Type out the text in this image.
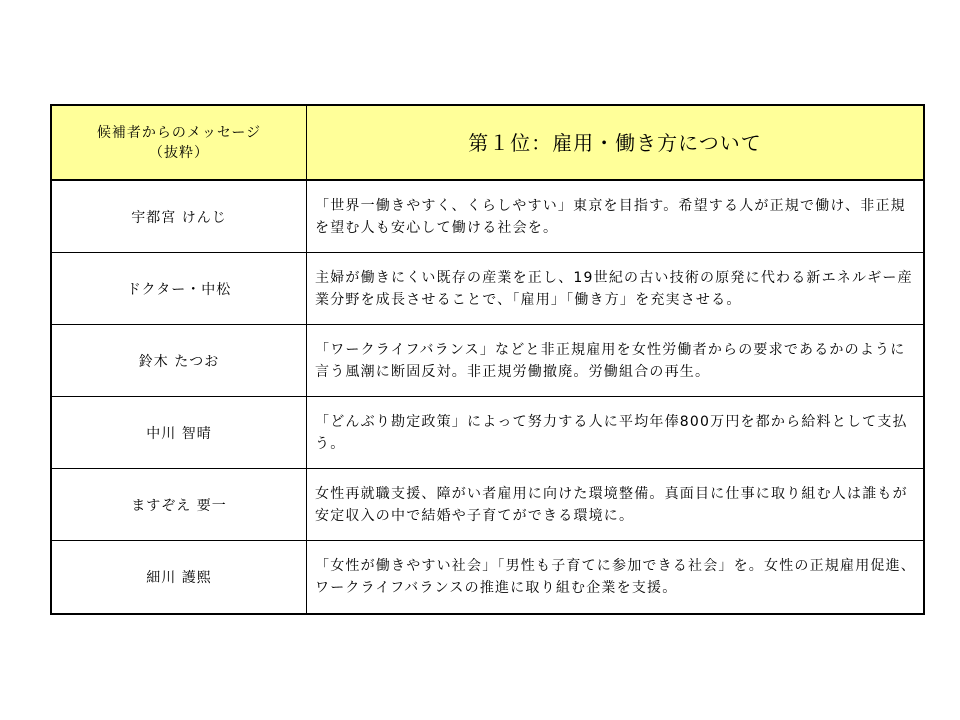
候補者からのメッセージ
（抜粋）	第１位：雇用・働き方について
宇都宮 けんじ
「世界一働きやすく、くらしやすい」東京を目指す。希望する人が正規で働け、非正規を望む人も安心して働ける社会を。
ドクター・中松
主婦が働きにくい既存の産業を正し、19世紀の古い技術の原発に代わる新エネルギー産業分野を成長させることで、「雇用」「働き方」を充実させる。
鈴木 たつお
「ワークライフバランス」などと非正規雇用を女性労働者からの要求であるかのように言う風潮に断固反対。非正規労働撤廃。労働組合の再生。
中川 智晴
「どんぶり勘定政策」によって努力する人に平均年俸800万円を都から給料として支払う。
ますぞえ 要一
女性再就職支援、障がい者雇用に向けた環境整備。真面目に仕事に取り組む人は誰もが安定収入の中で結婚や子育てができる環境に。
細川 護熙
「女性が働きやすい社会」「男性も子育てに参加できる社会」を。女性の正規雇用促進、ワークライフバランスの推進に取り組む企業を支援。
